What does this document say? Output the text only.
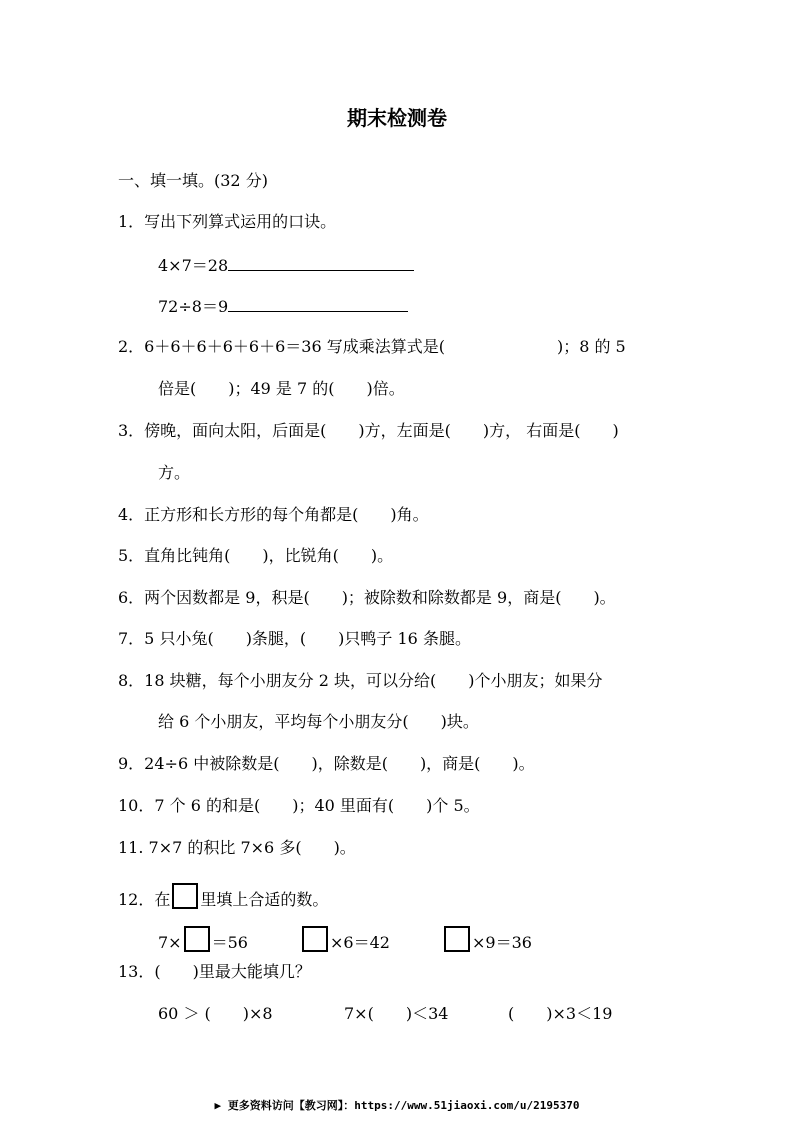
期末检测卷
一、填一填。(32 分)
1．写出下列算式运用的口诀。
4×7＝28
72÷8＝9
2．6＋6＋6＋6＋6＋6＝36 写成乘法算式是(	)；8 的 5
倍是(　　)；49 是 7 的(　　)倍。
3．傍晚，面向太阳，后面是(　　)方，左面是(　　)方， 右面是(　　)
方。
4．正方形和长方形的每个角都是(　　)角。
5．直角比钝角(　　)，比锐角(　　)。
6．两个因数都是 9，积是(　　)；被除数和除数都是 9，商是(　　)。
7．5 只小兔(　　)条腿，(　　)只鸭子 16 条腿。
8．18 块糖，每个小朋友分 2 块，可以分给(　　)个小朋友；如果分
给 6 个小朋友，平均每个小朋友分(　　)块。
9．24÷6 中被除数是(　　)，除数是(　　)，商是(　　)。
10．7 个 6 的和是(　　)；40 里面有(　　)个 5。
11. 7×7 的积比 7×6 多(　　)。
12．在 里填上合适的数。
7× ＝56	×6＝42	×9＝36
13．(　　)里最大能填几？
60 ＞ (　　)×8	7×(　　)＜34	(　　)×3＜19
▶ 更多资料访问【教习网】：https://www.51jiaoxi.com/u/2195370
